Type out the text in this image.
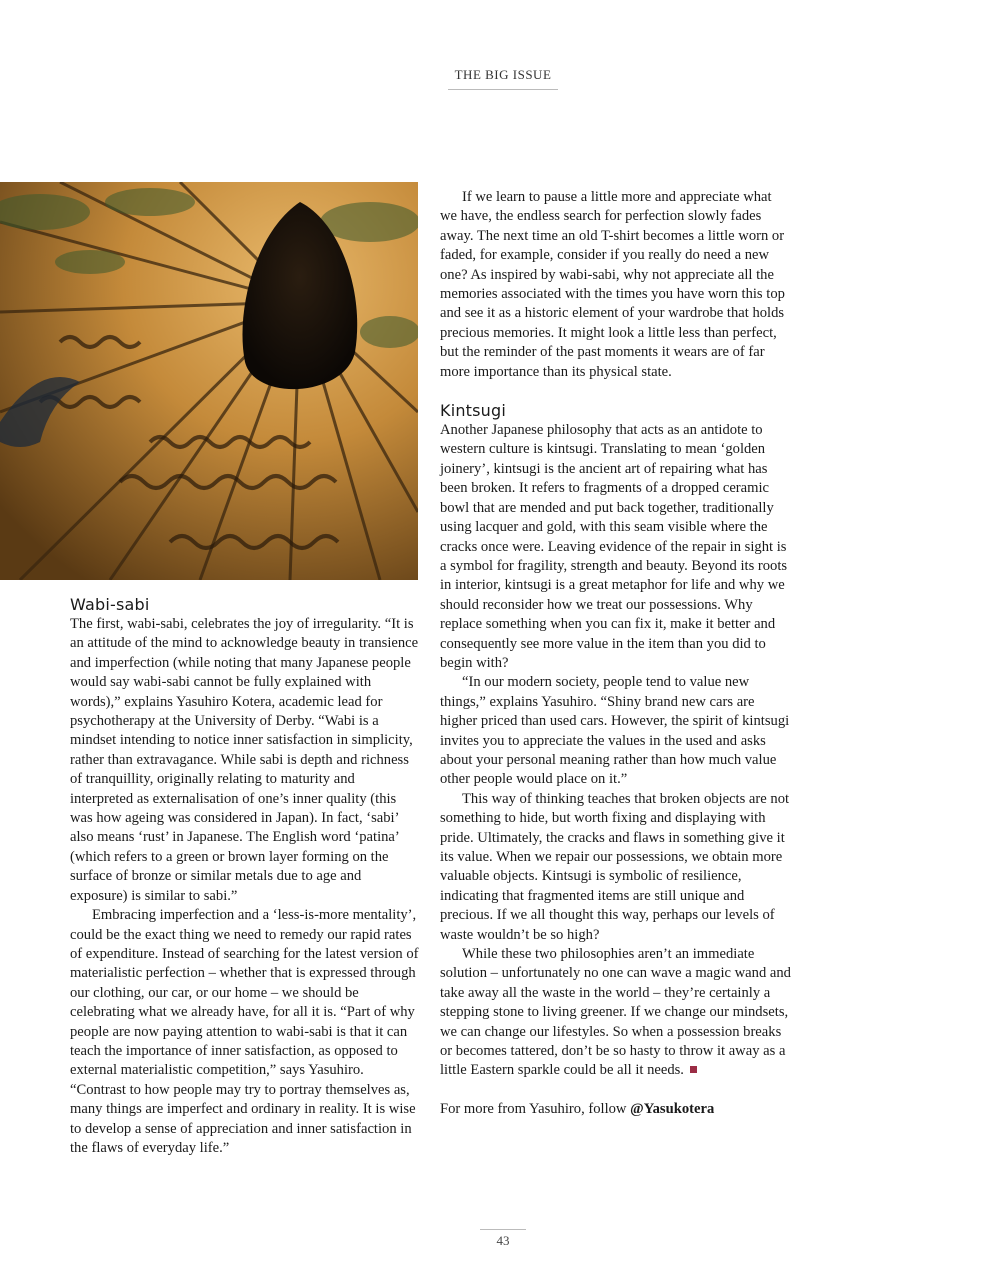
THE BIG ISSUE
Wabi-sabi

The first, wabi-sabi, celebrates the joy of irregularity. “It is an attitude of the mind to acknowledge beauty in transience and imperfection (while noting that many Japanese people would say wabi-sabi cannot be fully explained with words),” explains Yasuhiro Kotera, academic lead for psychotherapy at the University of Derby. “Wabi is a mindset intending to notice inner satisfaction in simplicity, rather than extravagance. While sabi is depth and richness of tranquillity, originally relating to maturity and interpreted as externalisation of one’s inner quality (this was how ageing was considered in Japan). In fact, ‘sabi’ also means ‘rust’ in Japanese. The English word ‘patina’ (which refers to a green or brown layer forming on the surface of bronze or similar metals due to age and exposure) is similar to sabi.”

Embracing imperfection and a ‘less-is-more mentality’, could be the exact thing we need to remedy our rapid rates of expenditure. Instead of searching for the latest version of materialistic perfection – whether that is expressed through our clothing, our car, or our home – we should be celebrating what we already have, for all it is. “Part of why people are now paying attention to wabi-sabi is that it can teach the importance of inner satisfaction, as opposed to external materialistic competition,” says Yasuhiro. “Contrast to how people may try to portray themselves as, many things are imperfect and ordinary in reality. It is wise to develop a sense of appreciation and inner satisfaction in the flaws of everyday life.”

If we learn to pause a little more and appreciate what we have, the endless search for perfection slowly fades away. The next time an old T-shirt becomes a little worn or faded, for example, consider if you really do need a new one? As inspired by wabi-sabi, why not appreciate all the memories associated with the times you have worn this top and see it as a historic element of your wardrobe that holds precious memories. It might look a little less than perfect, but the reminder of the past moments it wears are of far more importance than its physical state.

Kintsugi

Another Japanese philosophy that acts as an antidote to western culture is kintsugi. Translating to mean ‘golden joinery’, kintsugi is the ancient art of repairing what has been broken. It refers to fragments of a dropped ceramic bowl that are mended and put back together, traditionally using lacquer and gold, with this seam visible where the cracks once were. Leaving evidence of the repair in sight is a symbol for fragility, strength and beauty. Beyond its roots in interior, kintsugi is a great metaphor for life and why we should reconsider how we treat our possessions. Why replace something when you can fix it, make it better and consequently see more value in the item than you did to begin with?

“In our modern society, people tend to value new things,” explains Yasuhiro. “Shiny brand new cars are higher priced than used cars. However, the spirit of kintsugi invites you to appreciate the values in the used and asks about your personal meaning rather than how much value other people would place on it.”

This way of thinking teaches that broken objects are not something to hide, but worth fixing and displaying with pride. Ultimately, the cracks and flaws in something give it its value. When we repair our possessions, we obtain more valuable objects. Kintsugi is symbolic of resilience, indicating that fragmented items are still unique and precious. If we all thought this way, perhaps our levels of waste wouldn’t be so high?

While these two philosophies aren’t an immediate solution – unfortunately no one can wave a magic wand and take away all the waste in the world – they’re certainly a stepping stone to living greener. If we change our mindsets, we can change our lifestyles. So when a possession breaks or becomes tattered, don’t be so hasty to throw it away as a little Eastern sparkle could be all it needs.

For more from Yasuhiro, follow @Yasukotera

43
